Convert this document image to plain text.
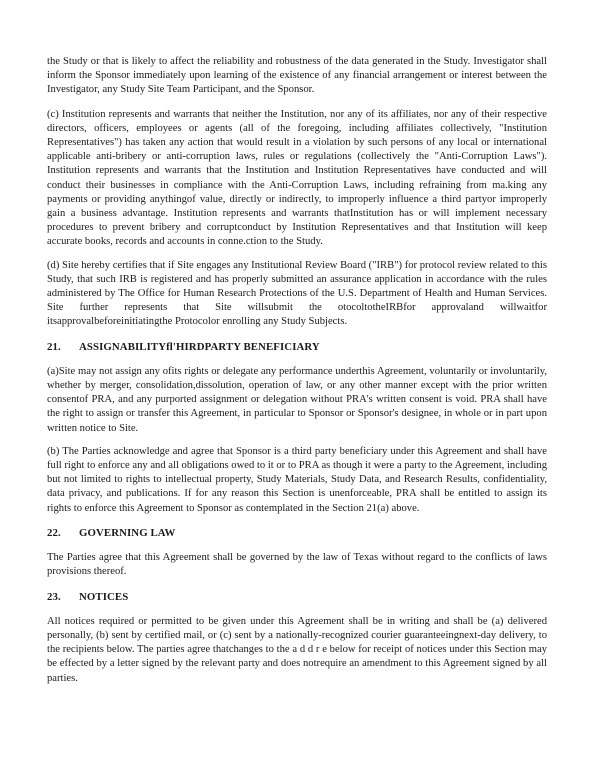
the Study or that is likely to affect the reliability and robustness of the data generated in the Study. Investigator shall inform the Sponsor immediately upon learning of the existence of any financial arrangement or interest between the Investigator, any Study Site Team Participant, and the Sponsor.

(c) Institution represents and warrants that neither the Institution, nor any of its affiliates, nor any of their respective directors, officers, employees or agents (all of the foregoing, including affiliates collectively, "Institution Representatives") has taken any action that would result in a violation by such persons of any local or international applicable anti-bribery or anti-corruption laws, rules or regulations (collectively the "Anti-Corruption Laws"). Institution represents and warrants that the Institution and Institution Representatives have conducted and will conduct their businesses in compliance with the Anti-Corruption Laws, including refraining from ma.king any payments or providing anythingof value, directly or indirectly, to improperly influence a third partyor improperly gain a business advantage. Institution represents and warrants thatInstitution has or will implement necessary procedures to prevent bribery and corruptconduct by Institution Representatives and that Institution will keep accurate books, records and accounts in conne.ction to the Study.

(d) Site hereby certifies that if Site engages any Institutional Review Board ("IRB") for protocol review related to this Study, that such IRB is registered and has properly submitted an assurance application in accordance with the rules administered by The Office for Human Research Protections of the U.S. Department of Health and Human Services. Site further represents that Site willsubmit the otocoltotheIRBfor approvaland willwaitfor itsapprovalbeforeinitiatingthe Protocolor enrolling any Study Subjects.

21.	ASSIGNABILITYfl'HIRDPARTY BENEFICIARY

(a)Site may not assign any ofits rights or delegate any performance underthis Agreement, voluntarily or involuntarily, whether by merger, consolidation,dissolution, operation of law, or any other manner except with the prior written consentof PRA, and any purported assignment or delegation without PRA's written consent is void. PRA shall have the right to assign or transfer this Agreement, in particular to Sponsor or Sponsor's designee, in whole or in part upon written notice to Site.

(b) The Parties acknowledge and agree that Sponsor is a third party beneficiary under this Agreement and shall have full right to enforce any and all obligations owed to it or to PRA as though it were a party to the Agreement, including but not limited to rights to intellectual property, Study Materials, Study Data, and Research Results, confidentiality, data privacy, and publications. If for any reason this Section is unenforceable, PRA shall be entitled to assign its rights to enforce this Agreement to Sponsor as contemplated in the Section 21(a) above.

22.	GOVERNING LAW

The Parties agree that this Agreement shall be governed by the law of Texas without regard to the conflicts of laws provisions thereof.

23.	NOTICES

All notices required or permitted to be given under this Agreement shall be in writing and shall be (a) delivered personally, (b) sent by certified mail, or (c) sent by a nationally-recognized courier guaranteeingnext-day delivery, to the recipients below. The parties agree thatchanges to the a d d r e below for receipt of notices under this Section may be effected by a letter signed by the relevant party and does notrequire an amendment to this Agreement signed by all parties.
